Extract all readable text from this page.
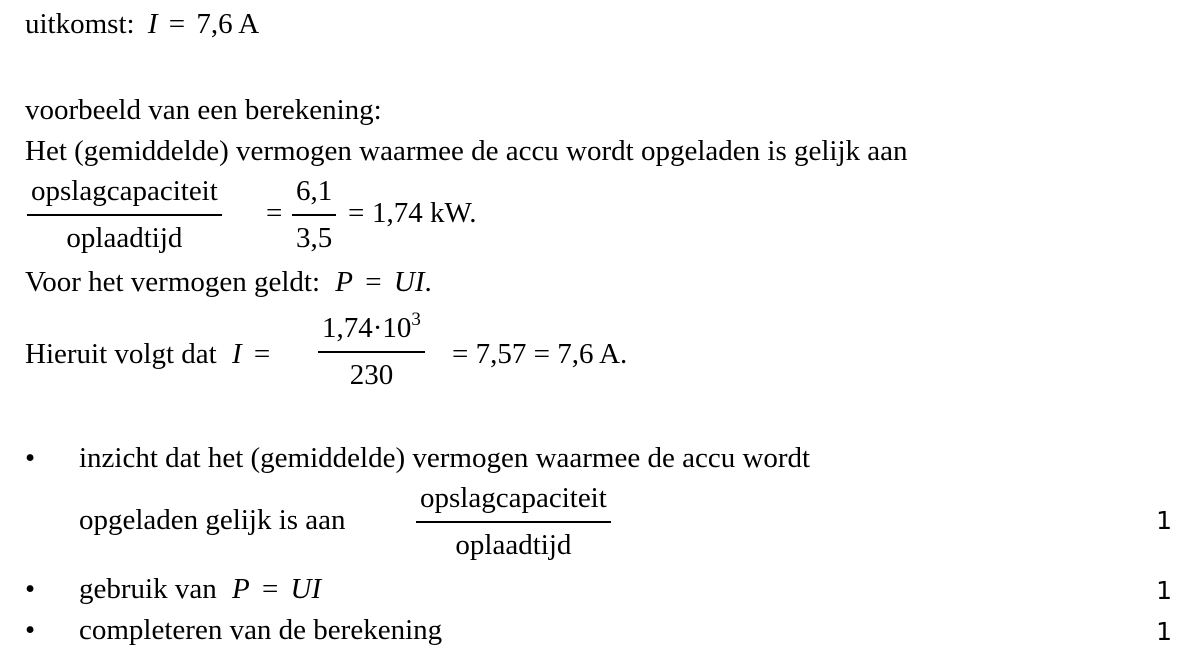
uitkomst: I = 7,6 A
voorbeeld van een berekening:
Het (gemiddelde) vermogen waarmee de accu wordt opgeladen is gelijk aan
opslagcapaciteit
oplaadtijd
=
6,1
3,5
= 1,74 kW.
Voor het vermogen geldt: P = UI.
Hieruit volgt dat I =
$1,74\cdot 10^3$
230
= 7,57 = 7,6 A.
• inzicht dat het (gemiddelde) vermogen waarmee de accu wordt
opgeladen gelijk is aan
opslagcapaciteit
oplaadtijd
1
• gebruik van P = UI	1
• completeren van de berekening	1
